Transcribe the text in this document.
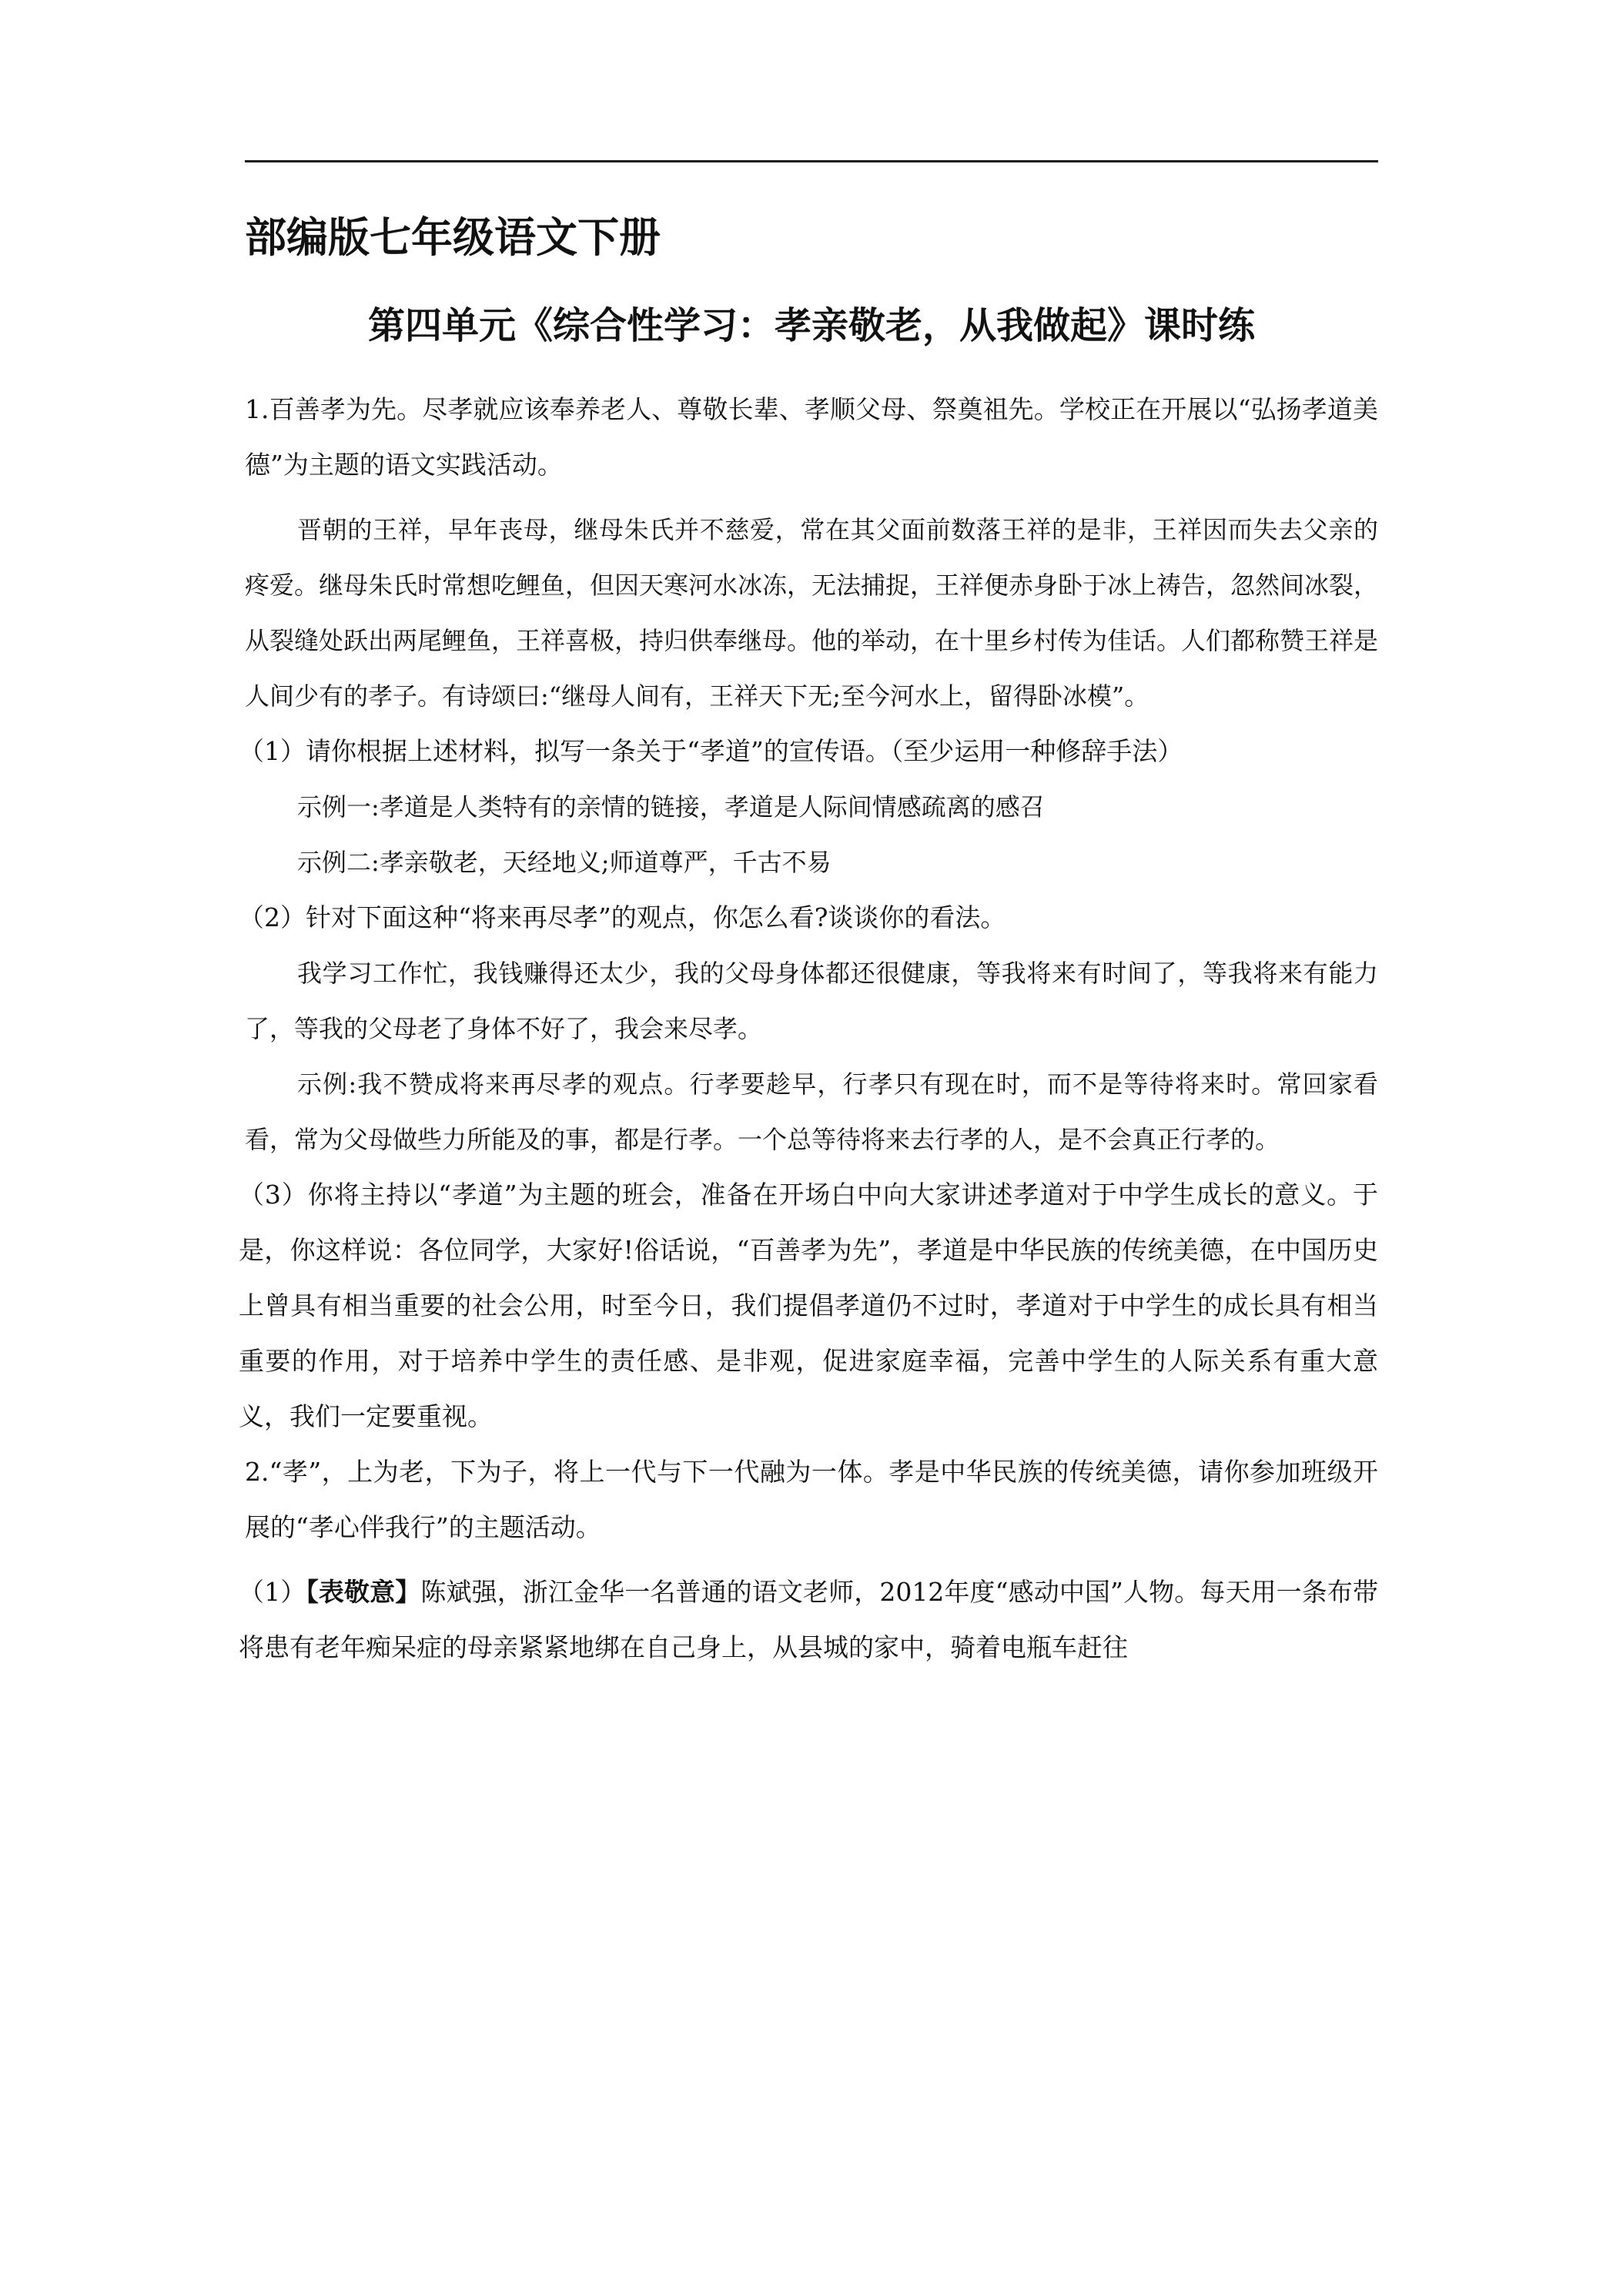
部编版七年级语文下册
第四单元《综合性学习：孝亲敬老，从我做起》课时练

1.百善孝为先。尽孝就应该奉养老人、尊敬长辈、孝顺父母、祭奠祖先。学校正在开展以“弘扬孝道美德”为主题的语文实践活动。

晋朝的王祥，早年丧母，继母朱氏并不慈爱，常在其父面前数落王祥的是非，王祥因而失去父亲的疼爱。继母朱氏时常想吃鲤鱼，但因天寒河水冰冻，无法捕捉，王祥便赤身卧于冰上祷告，忽然间冰裂，从裂缝处跃出两尾鲤鱼，王祥喜极，持归供奉继母。他的举动，在十里乡村传为佳话。人们都称赞王祥是人间少有的孝子。有诗颂曰:“继母人间有，王祥天下无;至今河水上，留得卧冰模”。

（1）请你根据上述材料，拟写一条关于“孝道”的宣传语。（至少运用一种修辞手法）

示例一:孝道是人类特有的亲情的链接，孝道是人际间情感疏离的感召

示例二:孝亲敬老，天经地义;师道尊严，千古不易

（2）针对下面这种“将来再尽孝”的观点，你怎么看?谈谈你的看法。

我学习工作忙，我钱赚得还太少，我的父母身体都还很健康，等我将来有时间了，等我将来有能力了，等我的父母老了身体不好了，我会来尽孝。

示例:我不赞成将来再尽孝的观点。行孝要趁早，行孝只有现在时，而不是等待将来时。常回家看看，常为父母做些力所能及的事，都是行孝。一个总等待将来去行孝的人，是不会真正行孝的。

（3）你将主持以“孝道”为主题的班会，准备在开场白中向大家讲述孝道对于中学生成长的意义。于是，你这样说：各位同学，大家好!俗话说，“百善孝为先”，孝道是中华民族的传统美德，在中国历史上曾具有相当重要的社会公用，时至今日，我们提倡孝道仍不过时，孝道对于中学生的成长具有相当重要的作用，对于培养中学生的责任感、是非观，促进家庭幸福，完善中学生的人际关系有重大意义，我们一定要重视。

2.“孝”，上为老，下为子，将上一代与下一代融为一体。孝是中华民族的传统美德，请你参加班级开展的“孝心伴我行”的主题活动。

（1）【表敬意】陈斌强，浙江金华一名普通的语文老师，2012年度“感动中国”人物。每天用一条布带将患有老年痴呆症的母亲紧紧地绑在自己身上，从县城的家中，骑着电瓶车赶往
